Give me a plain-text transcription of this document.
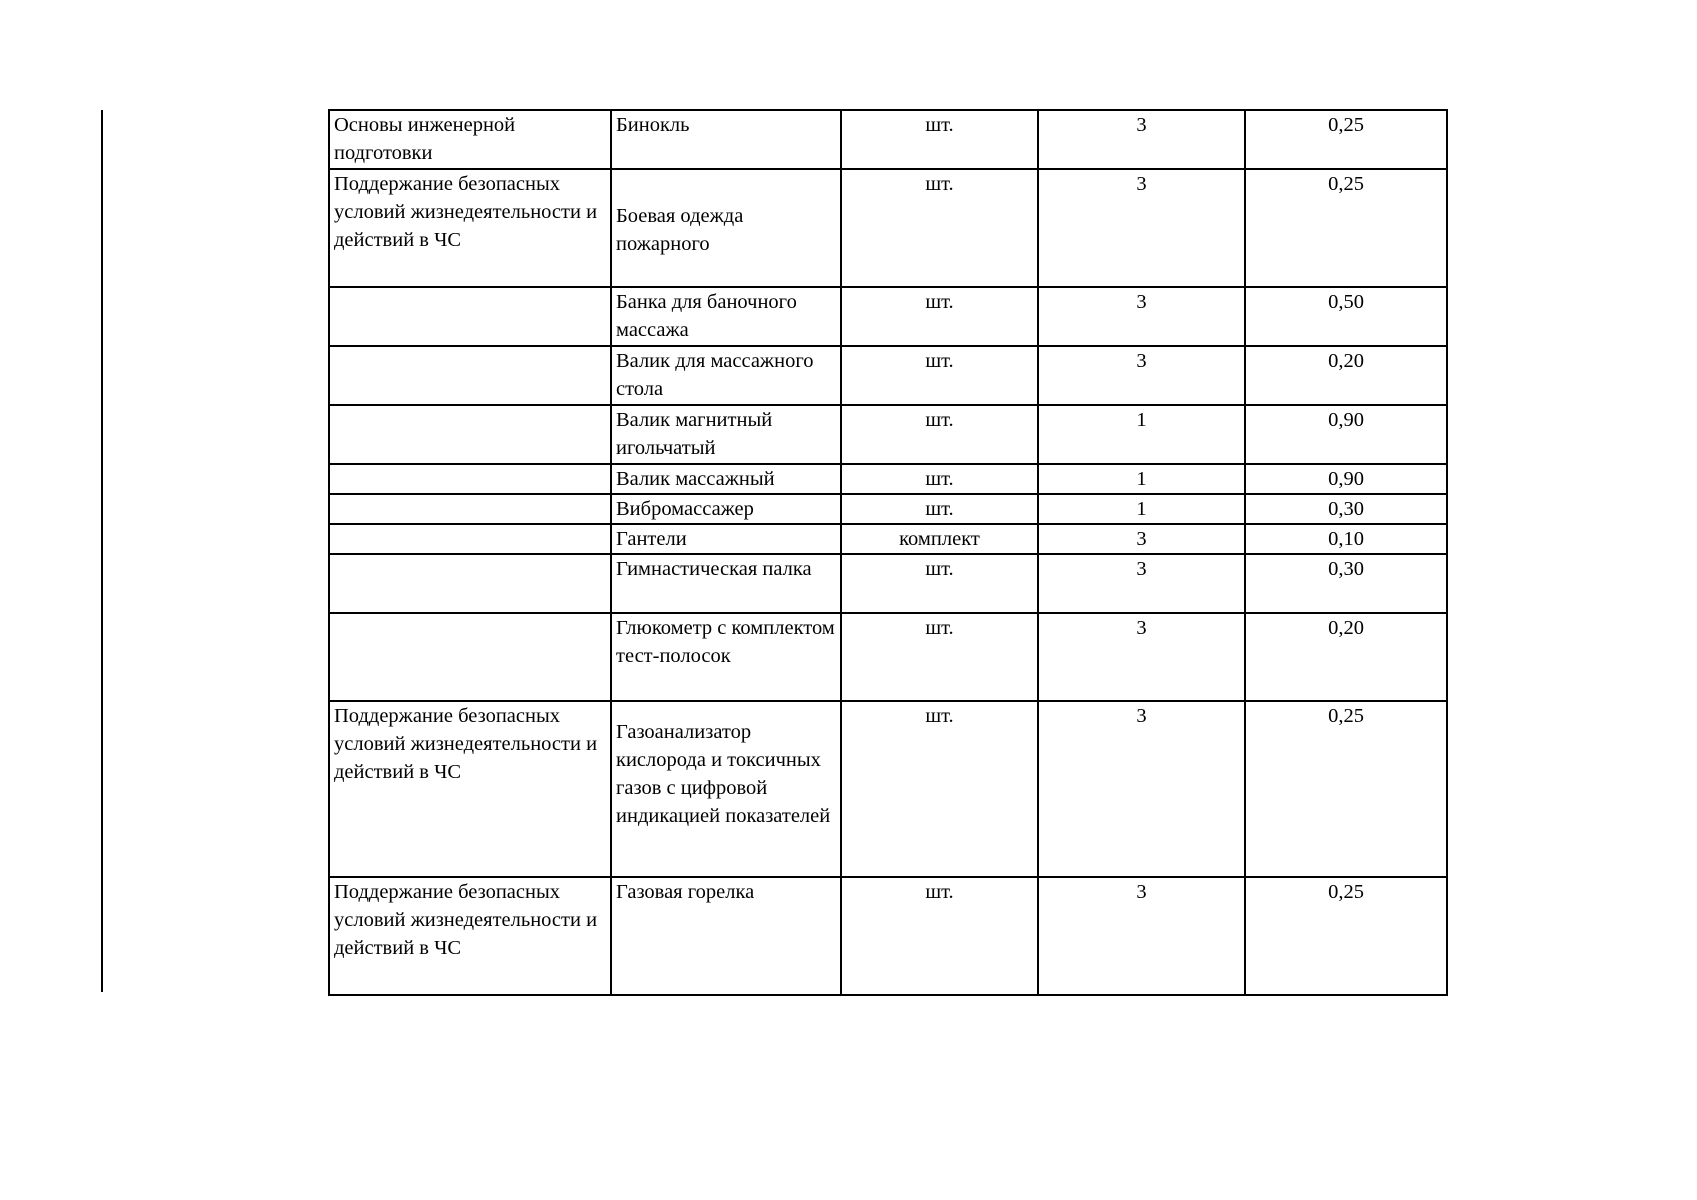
Основы инженерной подготовки	Бинокль	шт.	3	0,25
Поддержание безопасных условий жизнедеятельности и действий в ЧС	Боевая одежда пожарного	шт.	3	0,25
	Банка для баночного массажа	шт.	3	0,50
	Валик для массажного стола	шт.	3	0,20
	Валик магнитный игольчатый	шт.	1	0,90
	Валик массажный	шт.	1	0,90
	Вибромассажер	шт.	1	0,30
	Гантели	комплект	3	0,10
	Гимнастическая палка	шт.	3	0,30
	Глюкометр с комплектом тест-полосок	шт.	3	0,20
Поддержание безопасных условий жизнедеятельности и действий в ЧС	Газоанализатор кислорода и токсичных газов с цифровой индикацией показателей	шт.	3	0,25
Поддержание безопасных условий жизнедеятельности и действий в ЧС	Газовая горелка	шт.	3	0,25
